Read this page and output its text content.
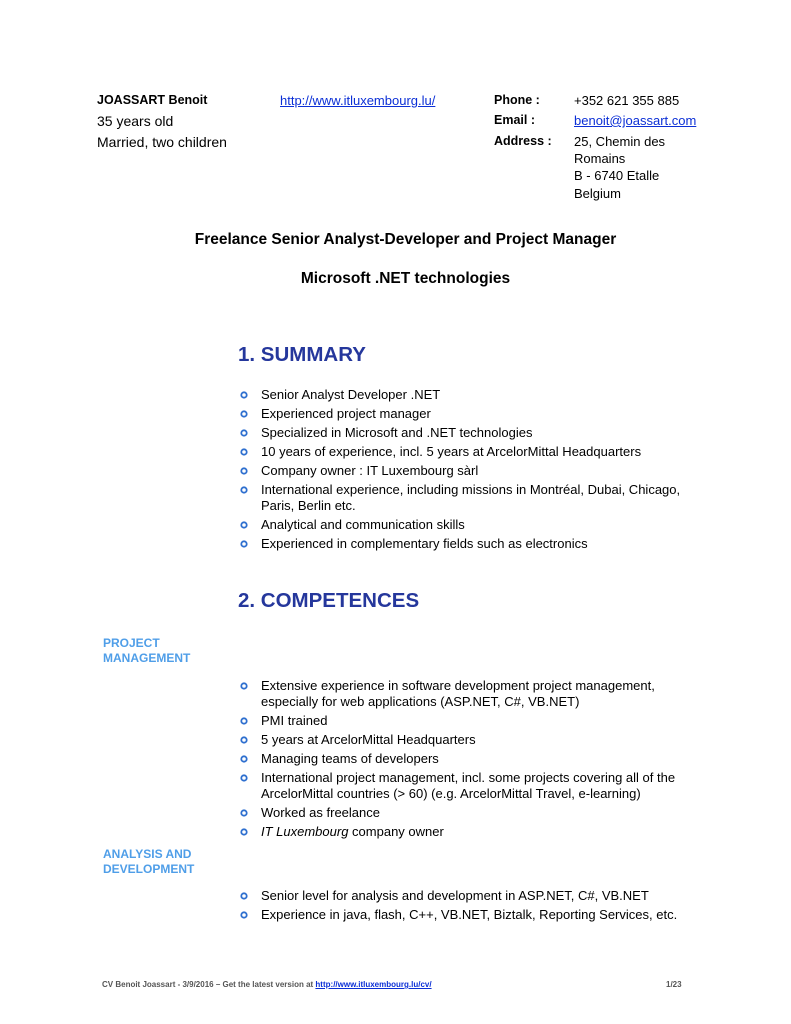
JOASSART Benoit
35 years old
Married, two children
http://www.itluxembourg.lu/	Phone :	+352 621 355 885
Email :	benoit@joassart.com
Address : 25, Chemin des
Romains
B - 6740 Etalle
Belgium
Freelance Senior Analyst-Developer and Project Manager
Microsoft .NET technologies
1. SUMMARY
Senior Analyst Developer .NET
Experienced project manager
Specialized in Microsoft and .NET technologies
10 years of experience, incl. 5 years at ArcelorMittal Headquarters
Company owner : IT Luxembourg sàrl
International experience, including missions in Montréal, Dubai, Chicago, Paris, Berlin etc.
Analytical and communication skills
Experienced in complementary fields such as electronics
2. COMPETENCES
PROJECT MANAGEMENT
Extensive experience in software development project management, especially for web applications (ASP.NET, C#, VB.NET)
PMI trained
5 years at ArcelorMittal Headquarters
Managing teams of developers
International project management, incl. some projects covering all of the ArcelorMittal countries (> 60) (e.g. ArcelorMittal Travel, e-learning)
Worked as freelance
IT Luxembourg company owner
ANALYSIS AND DEVELOPMENT
Senior level for analysis and development in ASP.NET, C#, VB.NET
Experience in java, flash, C++, VB.NET, Biztalk, Reporting Services, etc.
CV Benoit Joassart - 3/9/2016 – Get the latest version at http://www.itluxembourg.lu/cv/	1/23
